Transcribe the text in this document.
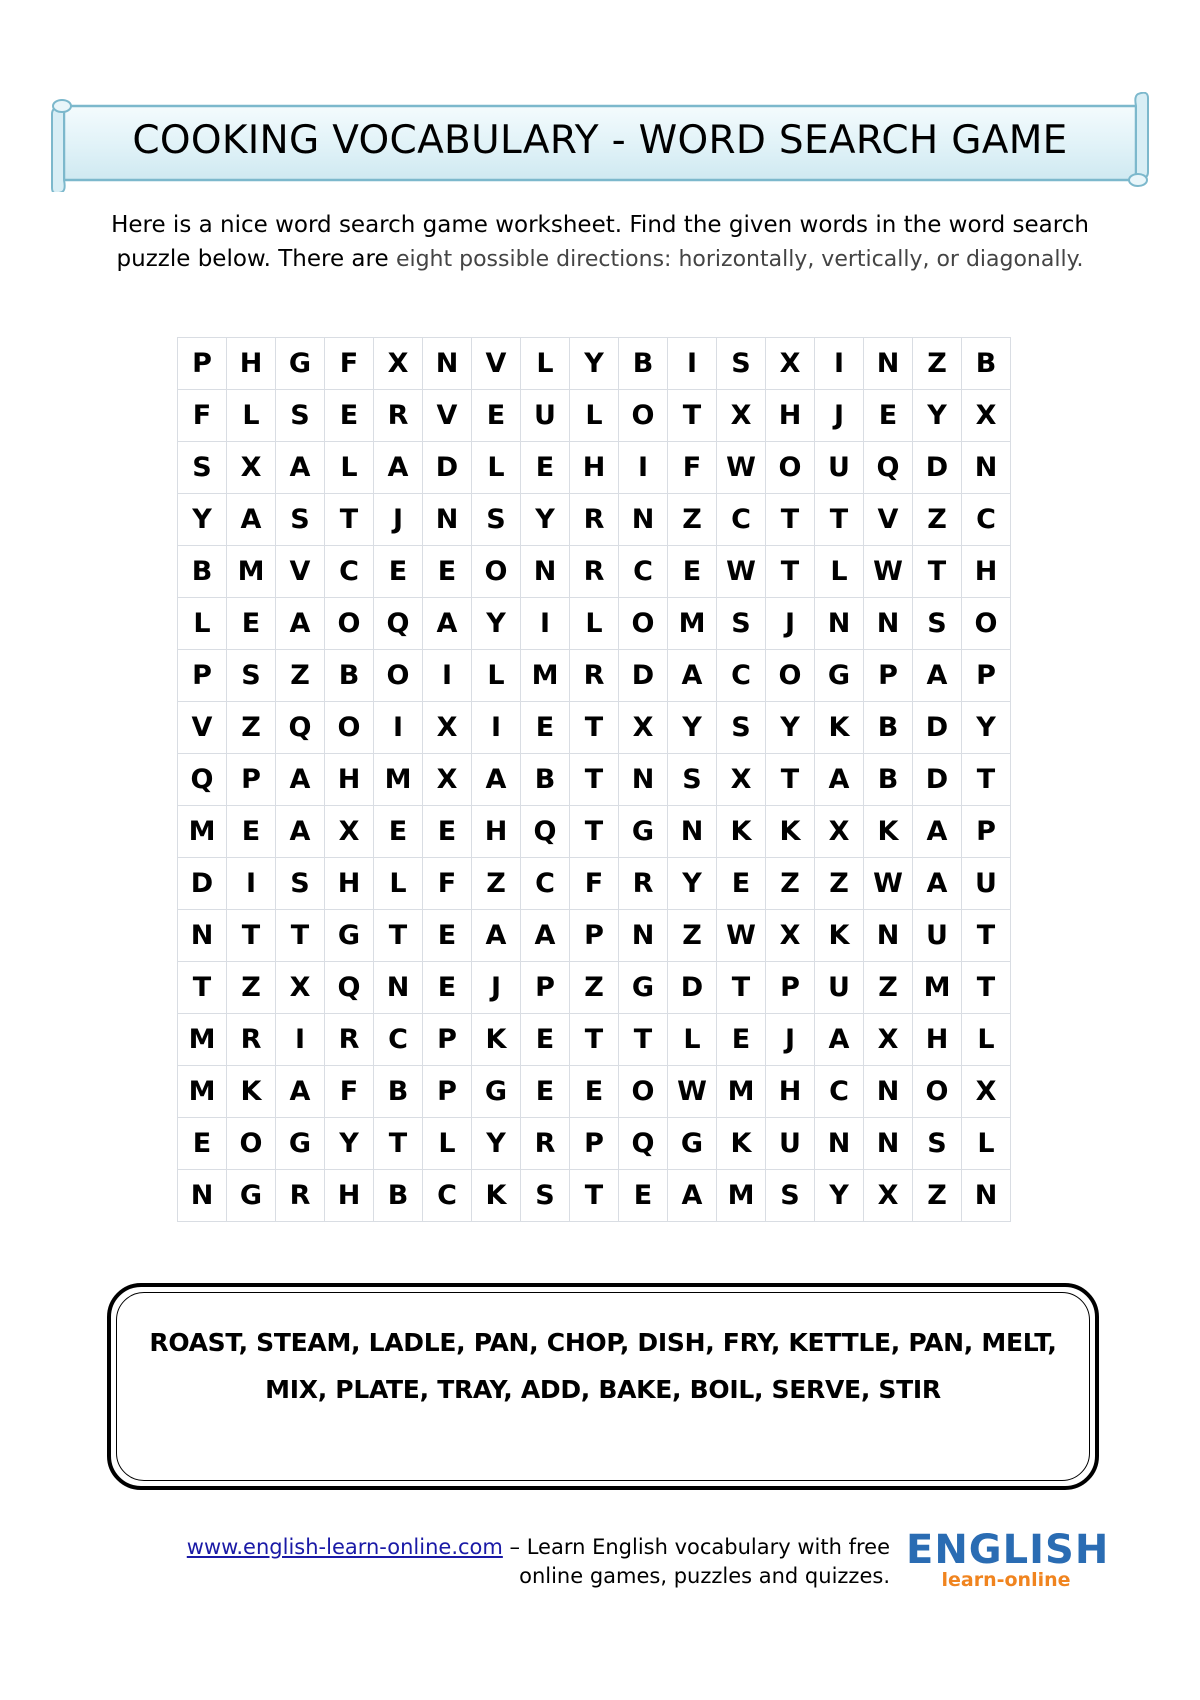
COOKING VOCABULARY - WORD SEARCH GAME
Here is a nice word search game worksheet. Find the given words in the word search
puzzle below. There are eight possible directions: horizontally, vertically, or diagonally.
P	H	G	F	X	N	V	L	Y	B	I	S	X	I	N	Z	B
F	L	S	E	R	V	E	U	L	O	T	X	H	J	E	Y	X
S	X	A	L	A	D	L	E	H	I	F	W	O	U	Q	D	N
Y	A	S	T	J	N	S	Y	R	N	Z	C	T	T	V	Z	C
B	M	V	C	E	E	O	N	R	C	E	W	T	L	W	T	H
L	E	A	O	Q	A	Y	I	L	O	M	S	J	N	N	S	O
P	S	Z	B	O	I	L	M	R	D	A	C	O	G	P	A	P
V	Z	Q	O	I	X	I	E	T	X	Y	S	Y	K	B	D	Y
Q	P	A	H	M	X	A	B	T	N	S	X	T	A	B	D	T
M	E	A	X	E	E	H	Q	T	G	N	K	K	X	K	A	P
D	I	S	H	L	F	Z	C	F	R	Y	E	Z	Z	W	A	U
N	T	T	G	T	E	A	A	P	N	Z	W	X	K	N	U	T
T	Z	X	Q	N	E	J	P	Z	G	D	T	P	U	Z	M	T
M	R	I	R	C	P	K	E	T	T	L	E	J	A	X	H	L
M	K	A	F	B	P	G	E	E	O	W	M	H	C	N	O	X
E	O	G	Y	T	L	Y	R	P	Q	G	K	U	N	N	S	L
N	G	R	H	B	C	K	S	T	E	A	M	S	Y	X	Z	N
ROAST, STEAM, LADLE, PAN, CHOP, DISH, FRY, KETTLE, PAN, MELT,
MIX, PLATE, TRAY, ADD, BAKE, BOIL, SERVE, STIR
www.english-learn-online.com – Learn English vocabulary with free
online games, puzzles and quizzes.
ENGLISH
learn-online
